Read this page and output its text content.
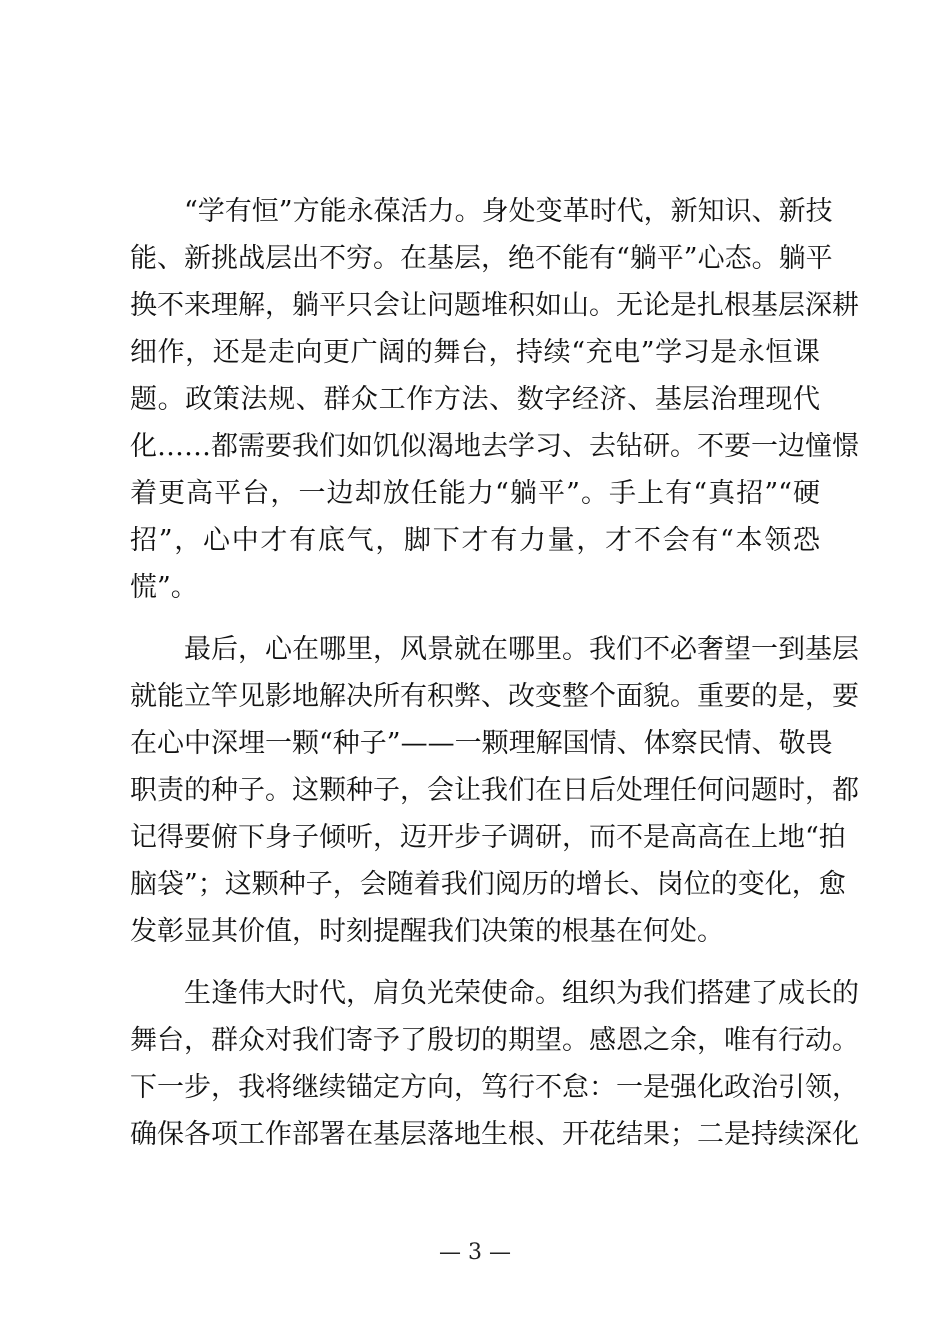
“学有恒”方能永葆活力。身处变革时代，新知识、新技
能、新挑战层出不穷。在基层，绝不能有“躺平”心态。躺平
换不来理解，躺平只会让问题堆积如山。无论是扎根基层深耕
细作，还是走向更广阔的舞台，持续“充电”学习是永恒课
题。政策法规、群众工作方法、数字经济、基层治理现代
化……都需要我们如饥似渴地去学习、去钻研。不要一边憧憬
着更高平台，一边却放任能力“躺平”。手上有“真招”“硬
招”，心中才有底气，脚下才有力量，才不会有“本领恐
慌”。
最后，心在哪里，风景就在哪里。我们不必奢望一到基层
就能立竿见影地解决所有积弊、改变整个面貌。重要的是，要
在心中深埋一颗“种子”——一颗理解国情、体察民情、敬畏
职责的种子。这颗种子，会让我们在日后处理任何问题时，都
记得要俯下身子倾听，迈开步子调研，而不是高高在上地“拍
脑袋”；这颗种子，会随着我们阅历的增长、岗位的变化，愈
发彰显其价值，时刻提醒我们决策的根基在何处。
生逢伟大时代，肩负光荣使命。组织为我们搭建了成长的
舞台，群众对我们寄予了殷切的期望。感恩之余，唯有行动。
下一步，我将继续锚定方向，笃行不怠：一是强化政治引领，
确保各项工作部署在基层落地生根、开花结果；二是持续深化
— 3 —
